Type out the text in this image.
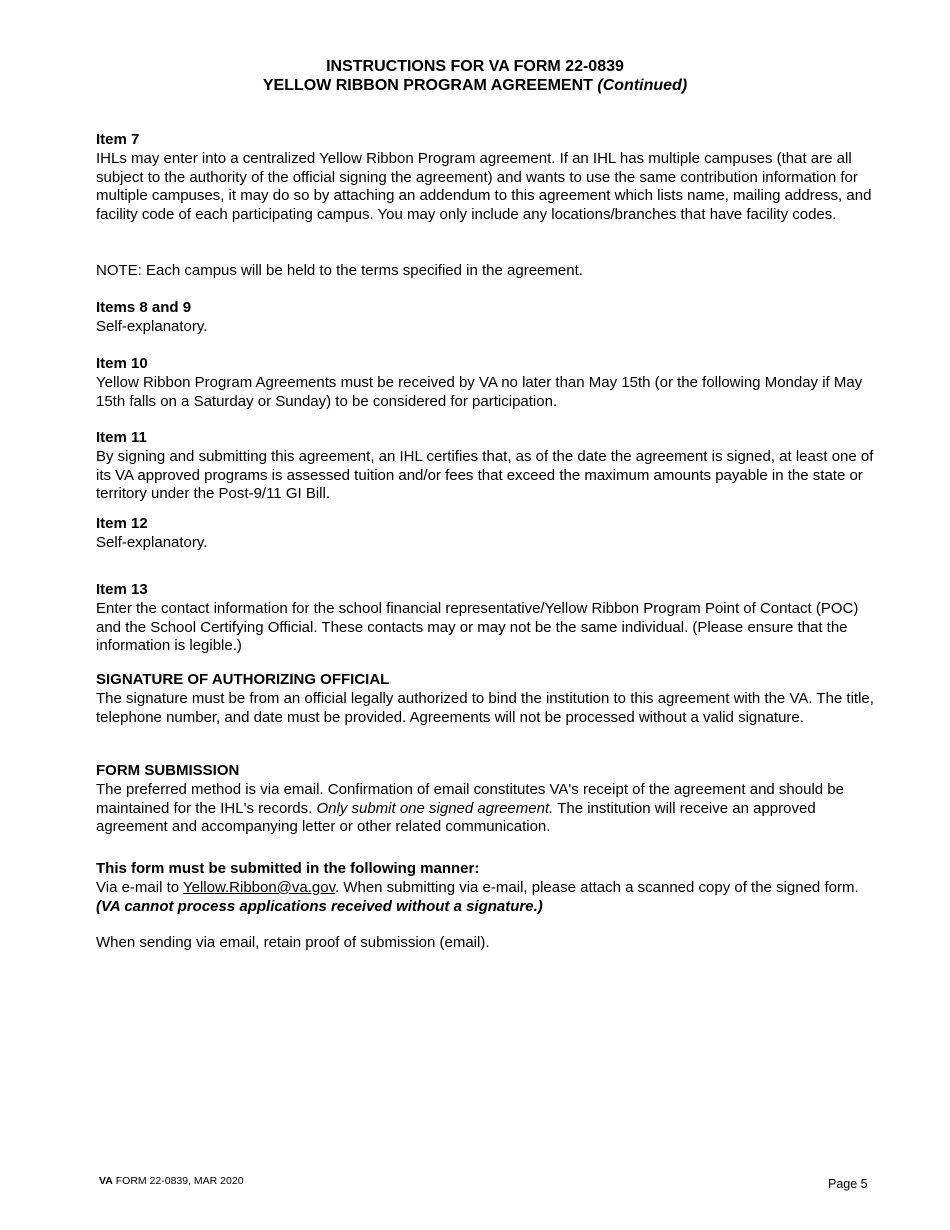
INSTRUCTIONS FOR VA FORM 22-0839
YELLOW RIBBON PROGRAM AGREEMENT (Continued)
Item 7
IHLs may enter into a centralized Yellow Ribbon Program agreement. If an IHL has multiple campuses (that are all subject to the authority of the official signing the agreement) and wants to use the same contribution information for multiple campuses, it may do so by attaching an addendum to this agreement which lists name, mailing address, and facility code of each participating campus. You may only include any locations/branches that have facility codes.
NOTE: Each campus will be held to the terms specified in the agreement.
Items 8 and 9
Self-explanatory.
Item 10
Yellow Ribbon Program Agreements must be received by VA no later than May 15th (or the following Monday if May 15th falls on a Saturday or Sunday) to be considered for participation.
Item 11
By signing and submitting this agreement, an IHL certifies that, as of the date the agreement is signed, at least one of its VA approved programs is assessed tuition and/or fees that exceed the maximum amounts payable in the state or territory under the Post-9/11 GI Bill.
Item 12
Self-explanatory.
Item 13
Enter the contact information for the school financial representative/Yellow Ribbon Program Point of Contact (POC) and the School Certifying Official. These contacts may or may not be the same individual. (Please ensure that the information is legible.)
SIGNATURE OF AUTHORIZING OFFICIAL
The signature must be from an official legally authorized to bind the institution to this agreement with the VA. The title, telephone number, and date must be provided. Agreements will not be processed without a valid signature.
FORM SUBMISSION
The preferred method is via email. Confirmation of email constitutes VA's receipt of the agreement and should be maintained for the IHL's records. Only submit one signed agreement. The institution will receive an approved agreement and accompanying letter or other related communication.
This form must be submitted in the following manner:
Via e-mail to Yellow.Ribbon@va.gov. When submitting via e-mail, please attach a scanned copy of the signed form. (VA cannot process applications received without a signature.)
When sending via email, retain proof of submission (email).
VA FORM 22-0839, MAR 2020	Page 5
